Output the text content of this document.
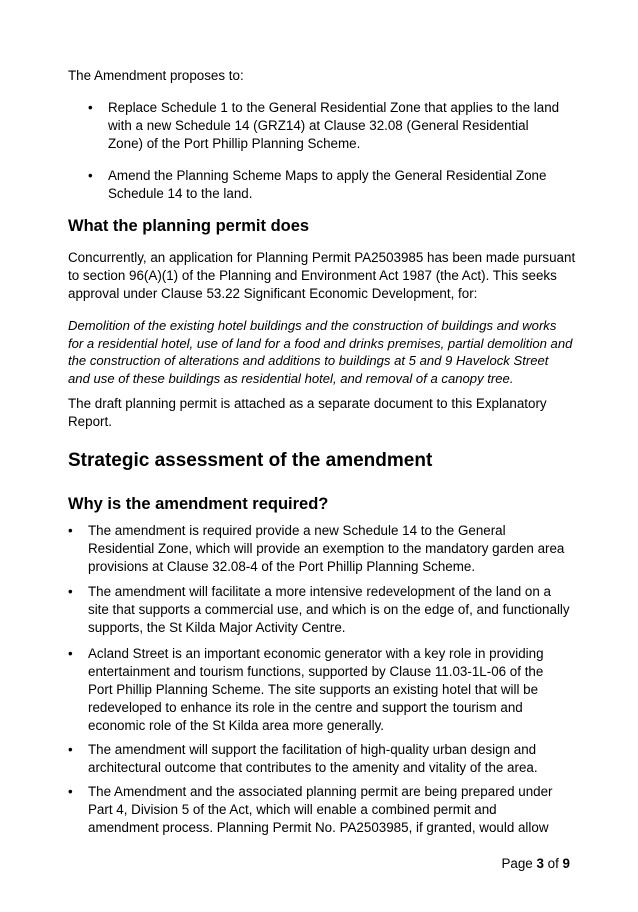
The Amendment proposes to:

•	Replace Schedule 1 to the General Residential Zone that applies to the land with a new Schedule 14 (GRZ14) at Clause 32.08 (General Residential Zone) of the Port Phillip Planning Scheme.
•	Amend the Planning Scheme Maps to apply the General Residential Zone Schedule 14 to the land.
What the planning permit does

Concurrently, an application for Planning Permit PA2503985 has been made pursuant to section 96(A)(1) of the Planning and Environment Act 1987 (the Act). This seeks approval under Clause 53.22 Significant Economic Development, for:

Demolition of the existing hotel buildings and the construction of buildings and works for a residential hotel, use of land for a food and drinks premises, partial demolition and the construction of alterations and additions to buildings at 5 and 9 Havelock Street and use of these buildings as residential hotel, and removal of a canopy tree.

The draft planning permit is attached as a separate document to this Explanatory Report.

Strategic assessment of the amendment
Why is the amendment required?
•	The amendment is required provide a new Schedule 14 to the General Residential Zone, which will provide an exemption to the mandatory garden area provisions at Clause 32.08-4 of the Port Phillip Planning Scheme.
•	The amendment will facilitate a more intensive redevelopment of the land on a site that supports a commercial use, and which is on the edge of, and functionally supports, the St Kilda Major Activity Centre.
•	Acland Street is an important economic generator with a key role in providing entertainment and tourism functions, supported by Clause 11.03-1L-06 of the Port Phillip Planning Scheme. The site supports an existing hotel that will be redeveloped to enhance its role in the centre and support the tourism and economic role of the St Kilda area more generally.
•	The amendment will support the facilitation of high-quality urban design and architectural outcome that contributes to the amenity and vitality of the area.
•	The Amendment and the associated planning permit are being prepared under Part 4, Division 5 of the Act, which will enable a combined permit and amendment process. Planning Permit No. PA2503985, if granted, would allow
Page 3 of 9
